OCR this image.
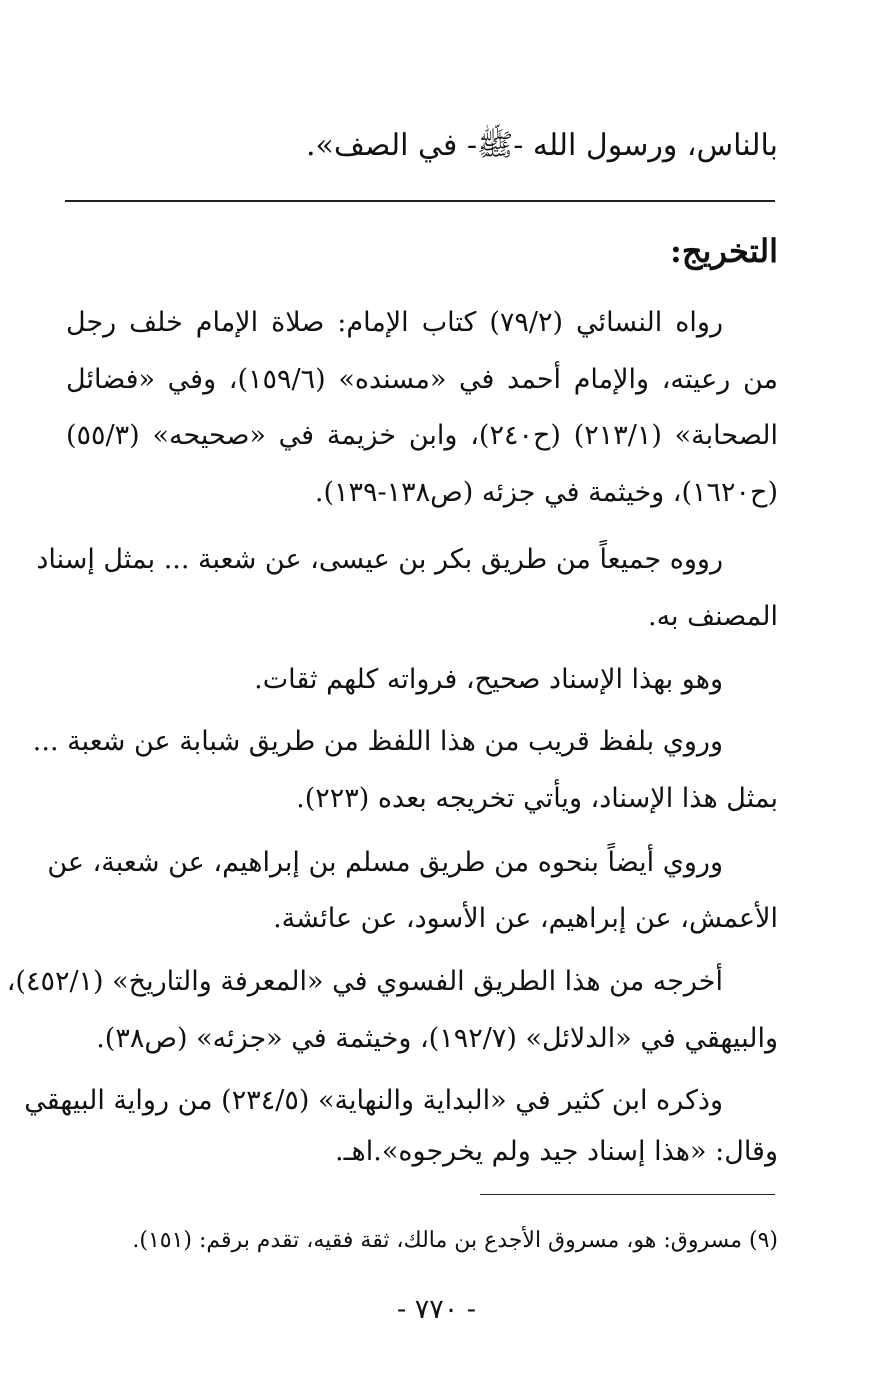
بالناس، ورسول الله -ﷺ- في الصف».
التخريج:
رواه النسائي (٧٩/٢) كتاب الإمام: صلاة الإمام خلف رجل
من رعيته، والإمام أحمد في «مسنده» (١٥٩/٦)، وفي «فضائل
الصحابة» (٢١٣/١) (ح٢٤٠)، وابن خزيمة في «صحيحه» (٥٥/٣)
(ح١٦٢٠)، وخيثمة في جزئه (ص١٣٨-١٣٩).
رووه جميعاً من طريق بكر بن عيسى، عن شعبة ... بمثل إسناد
المصنف به.
وهو بهذا الإسناد صحيح، فرواته كلهم ثقات.
وروي بلفظ قريب من هذا اللفظ من طريق شبابة عن شعبة ...
بمثل هذا الإسناد، ويأتي تخريجه بعده (٢٢٣).
وروي أيضاً بنحوه من طريق مسلم بن إبراهيم، عن شعبة، عن
الأعمش، عن إبراهيم، عن الأسود، عن عائشة.
أخرجه من هذا الطريق الفسوي في «المعرفة والتاريخ» (٤٥٢/١)،
والبيهقي في «الدلائل» (١٩٢/٧)، وخيثمة في «جزئه» (ص٣٨).
وذكره ابن كثير في «البداية والنهاية» (٢٣٤/٥) من رواية البيهقي
وقال: «هذا إسناد جيد ولم يخرجوه».اهـ.
(٩) مسروق: هو، مسروق الأجدع بن مالك، ثقة فقيه، تقدم برقم: (١٥١).
- ٧٧٠ -
